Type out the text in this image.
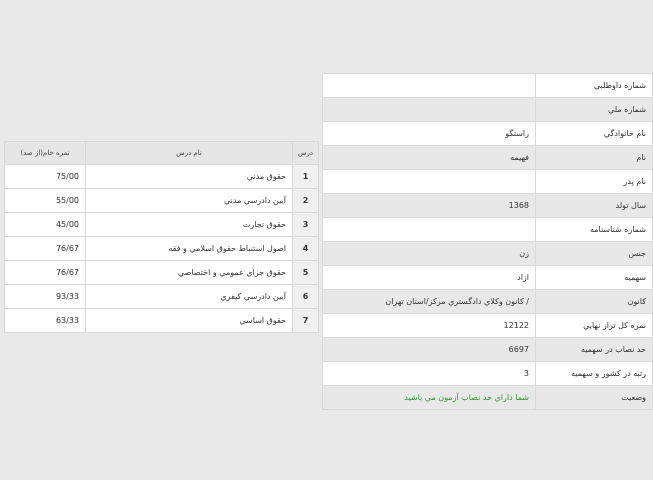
	شماره داوطلبي
	شماره ملي
راستگو	نام خانوادگي
فهيمه	نام
	نام پدر
1368	سال تولد
	شماره شناسنامه
زن	جنس
ازاد	سهميه
/ كانون وكلاي دادگستري مركز/استان تهران	کانون
12122	نمره كل تراز نهايي
6697	حد نصاب در سهميه
3	رتبه در کشور و سهميه
شما داراي حد نصاب آزمون مي باشيد	وضعيت
نمره خام(از صد)	نام درس	درس
75/00	حقوق مدني	1
55/00	آيين دادرسي مدني	2
45/00	حقوق تجارت	3
76/67	اصول استنباط حقوق اسلامي و فقه	4
76/67	حقوق جزاي عمومي و اختصاصي	5
93/33	آيين دادرسي كيفري	6
63/33	حقوق اساسي	7
